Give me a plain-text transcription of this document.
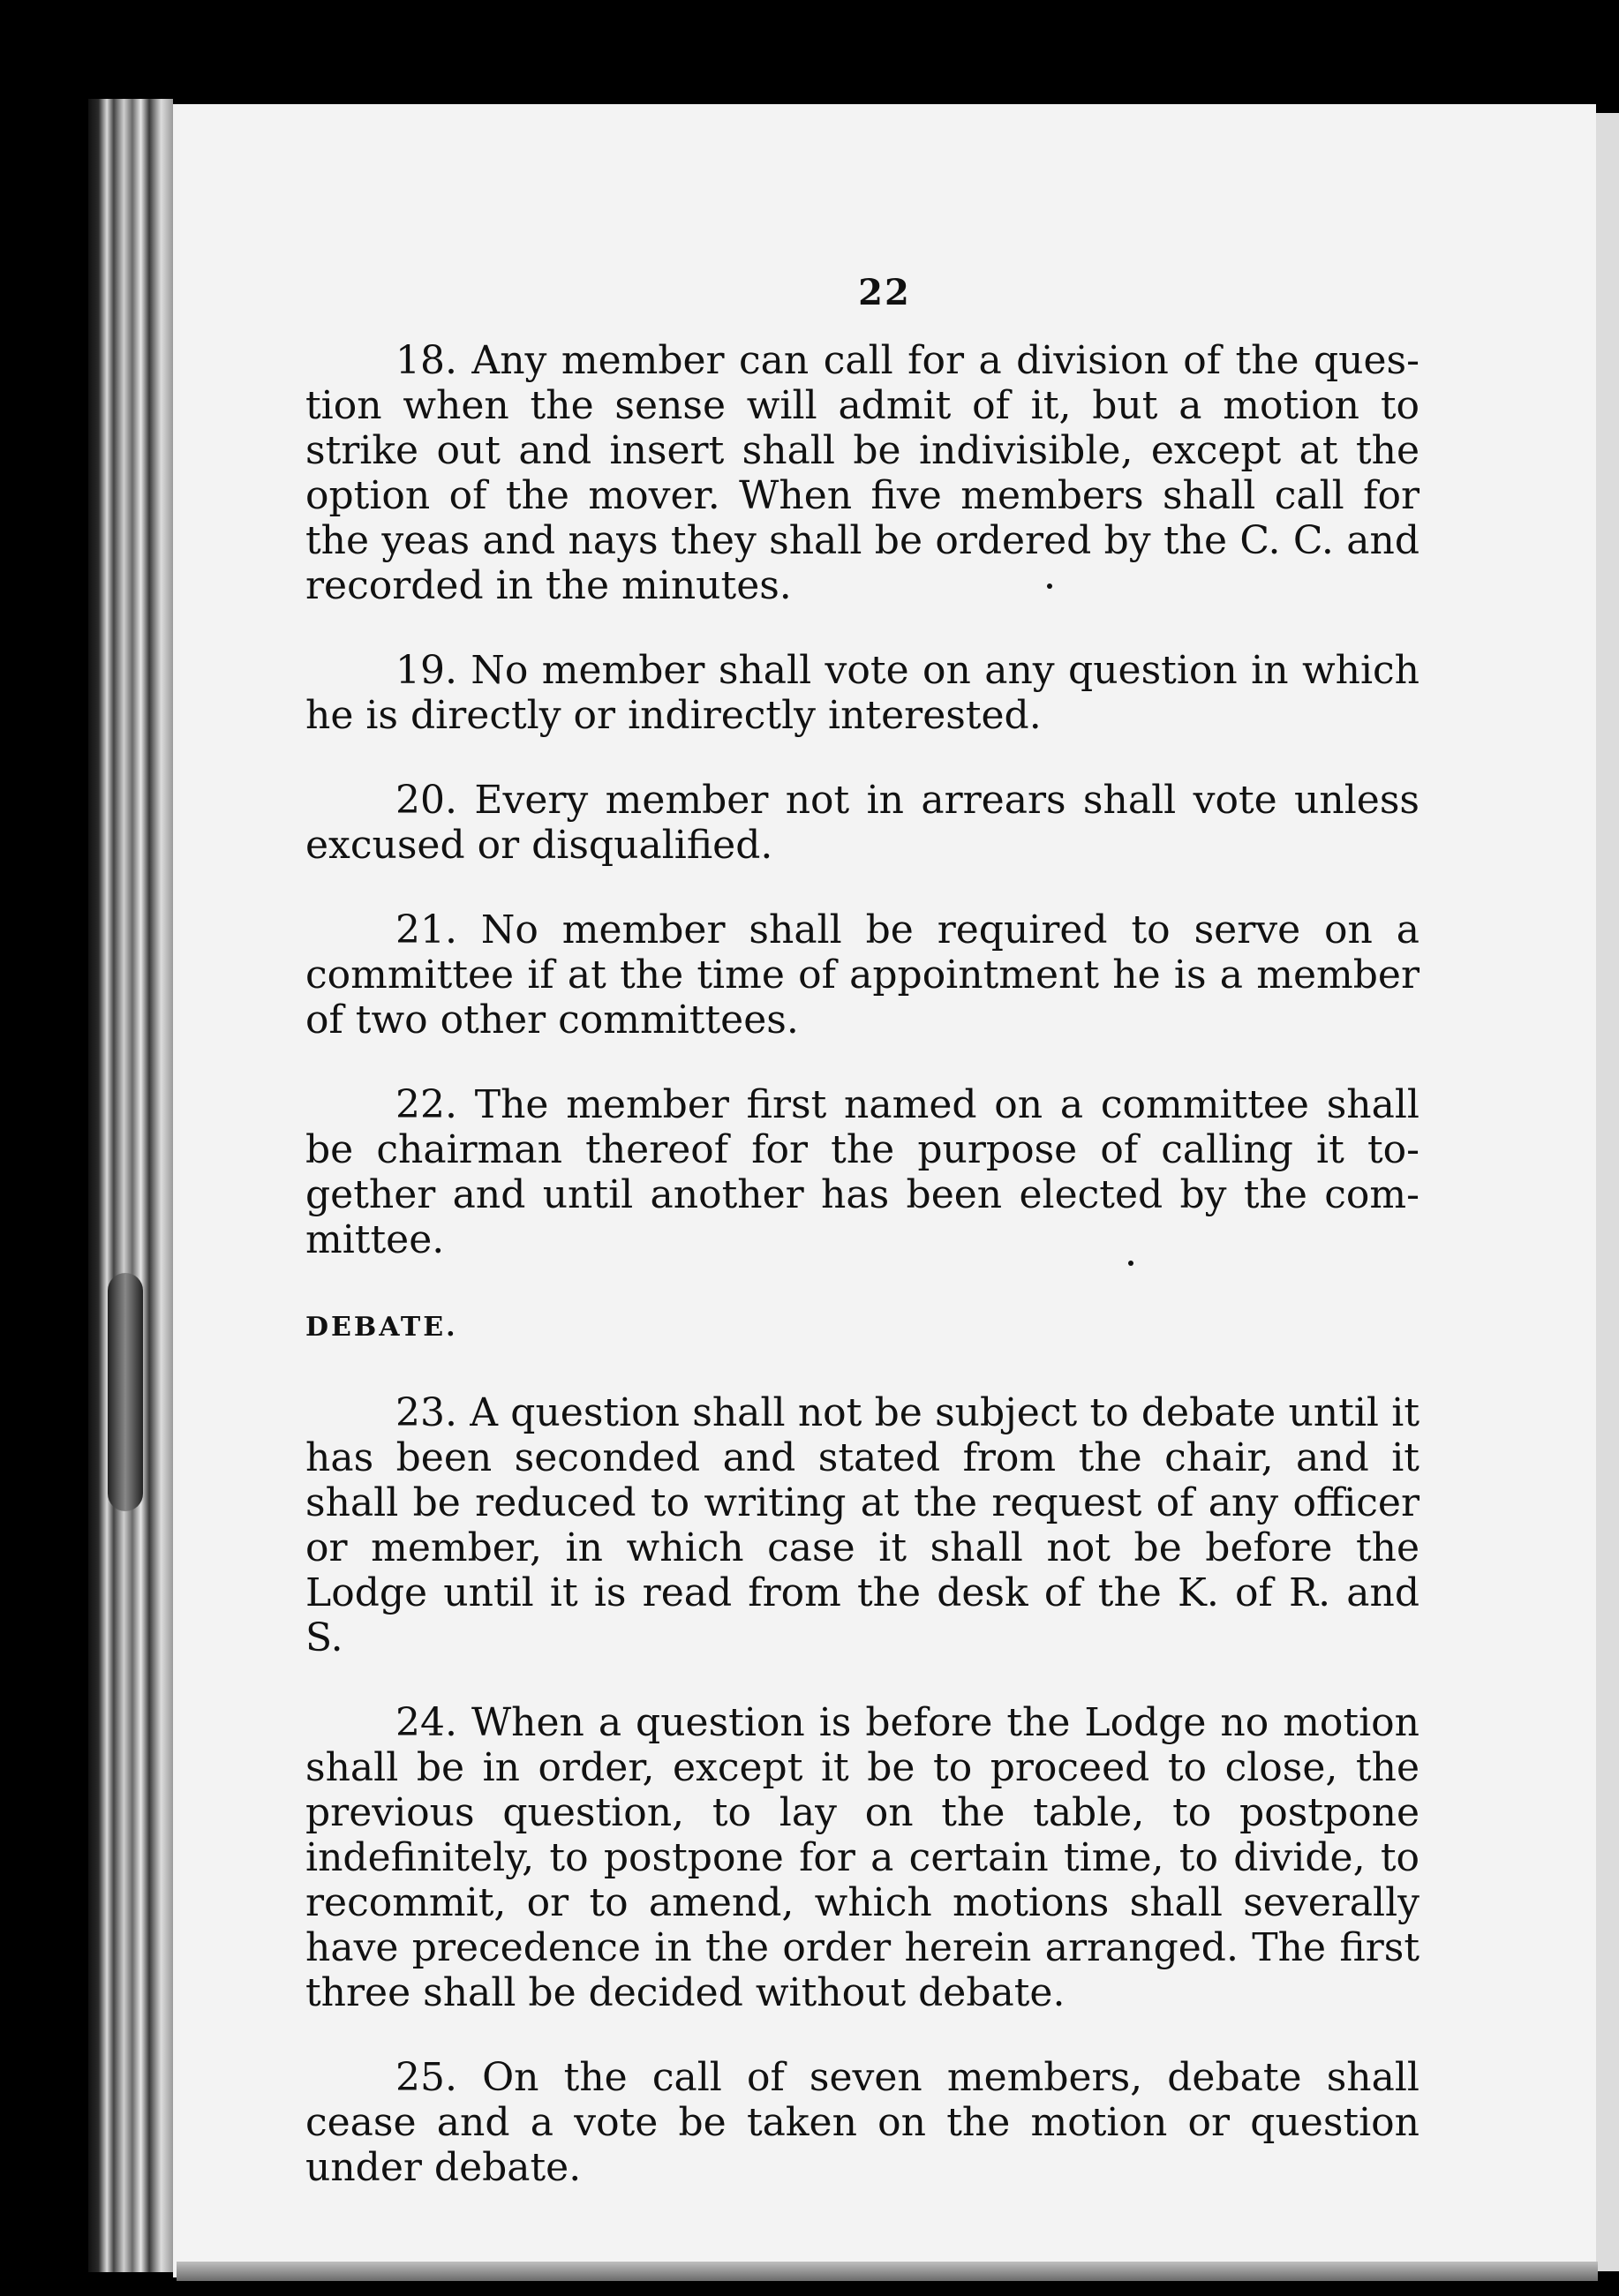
22

18. Any member can call for a division of the question when the sense will admit of it, but a motion to strike out and insert shall be indivisible, except at the option of the mover. When five members shall call for the yeas and nays they shall be ordered by the C. C. and recorded in the minutes.

19. No member shall vote on any question in which he is directly or indirectly interested.

20. Every member not in arrears shall vote unless excused or disqualified.

21. No member shall be required to serve on a committee if at the time of appointment he is a member of two other committees.

22. The member first named on a committee shall be chairman thereof for the purpose of calling it together and until another has been elected by the committee.

DEBATE.

23. A question shall not be subject to debate until it has been seconded and stated from the chair, and it shall be reduced to writing at the request of any officer or member, in which case it shall not be before the Lodge until it is read from the desk of the K. of R. and S.

24. When a question is before the Lodge no motion shall be in order, except it be to proceed to close, the previous question, to lay on the table, to postpone indefinitely, to postpone for a certain time, to divide, to recommit, or to amend, which motions shall severally have precedence in the order herein arranged. The first three shall be decided without debate.

25. On the call of seven members, debate shall cease and a vote be taken on the motion or question under debate.
